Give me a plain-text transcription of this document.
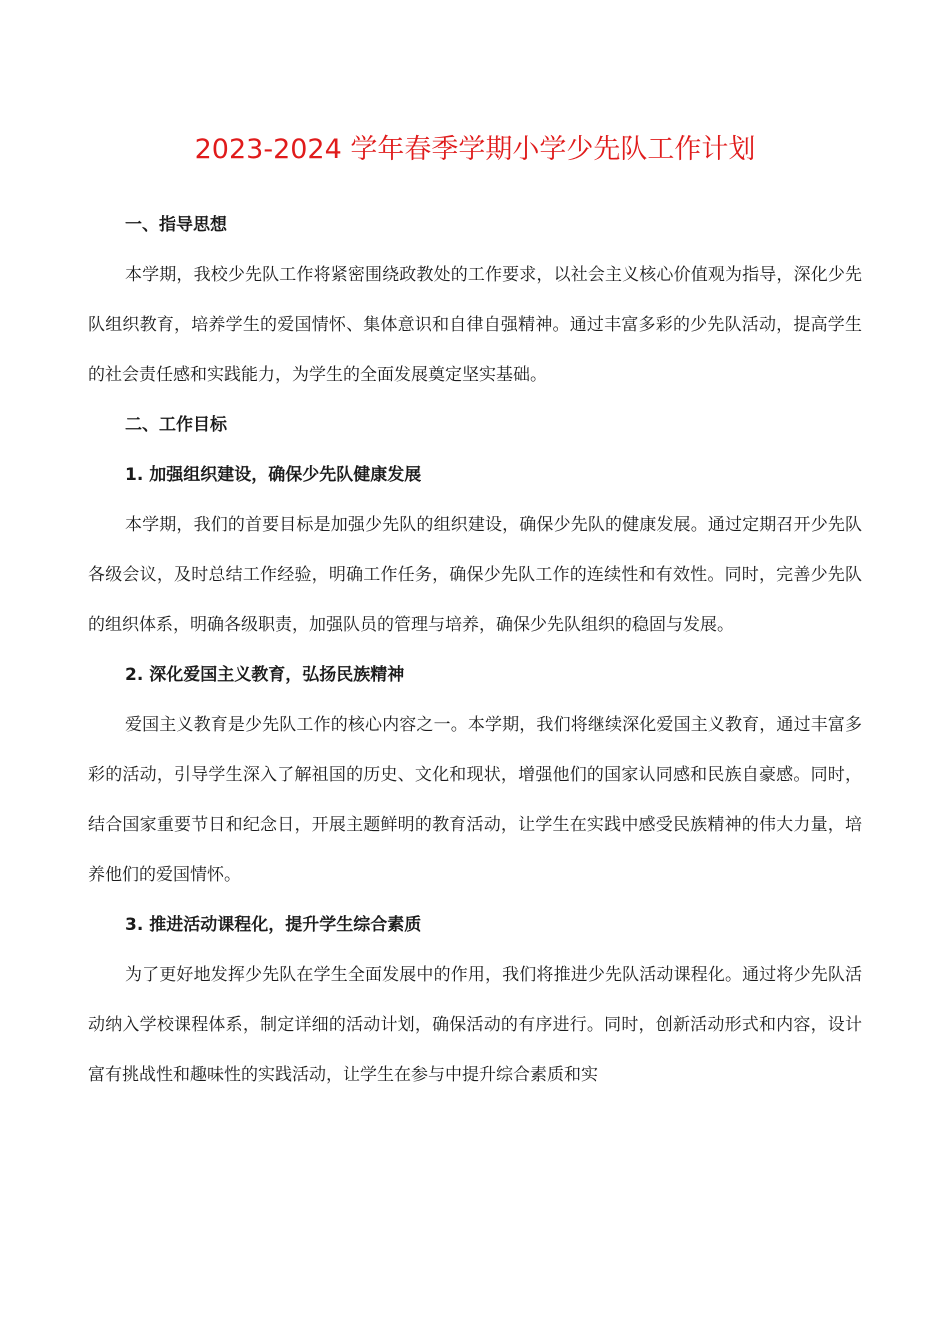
2023-2024 学年春季学期小学少先队工作计划

一、指导思想

本学期，我校少先队工作将紧密围绕政教处的工作要求，以社会主义核心价值观为指导，深化少先队组织教育，培养学生的爱国情怀、集体意识和自律自强精神。通过丰富多彩的少先队活动，提高学生的社会责任感和实践能力，为学生的全面发展奠定坚实基础。

二、工作目标

1. 加强组织建设，确保少先队健康发展

本学期，我们的首要目标是加强少先队的组织建设，确保少先队的健康发展。通过定期召开少先队各级会议，及时总结工作经验，明确工作任务，确保少先队工作的连续性和有效性。同时，完善少先队的组织体系，明确各级职责，加强队员的管理与培养，确保少先队组织的稳固与发展。

2. 深化爱国主义教育，弘扬民族精神

爱国主义教育是少先队工作的核心内容之一。本学期，我们将继续深化爱国主义教育，通过丰富多彩的活动，引导学生深入了解祖国的历史、文化和现状，增强他们的国家认同感和民族自豪感。同时，结合国家重要节日和纪念日，开展主题鲜明的教育活动，让学生在实践中感受民族精神的伟大力量，培养他们的爱国情怀。

3. 推进活动课程化，提升学生综合素质

为了更好地发挥少先队在学生全面发展中的作用，我们将推进少先队活动课程化。通过将少先队活动纳入学校课程体系，制定详细的活动计划，确保活动的有序进行。同时，创新活动形式和内容，设计富有挑战性和趣味性的实践活动，让学生在参与中提升综合素质和实
